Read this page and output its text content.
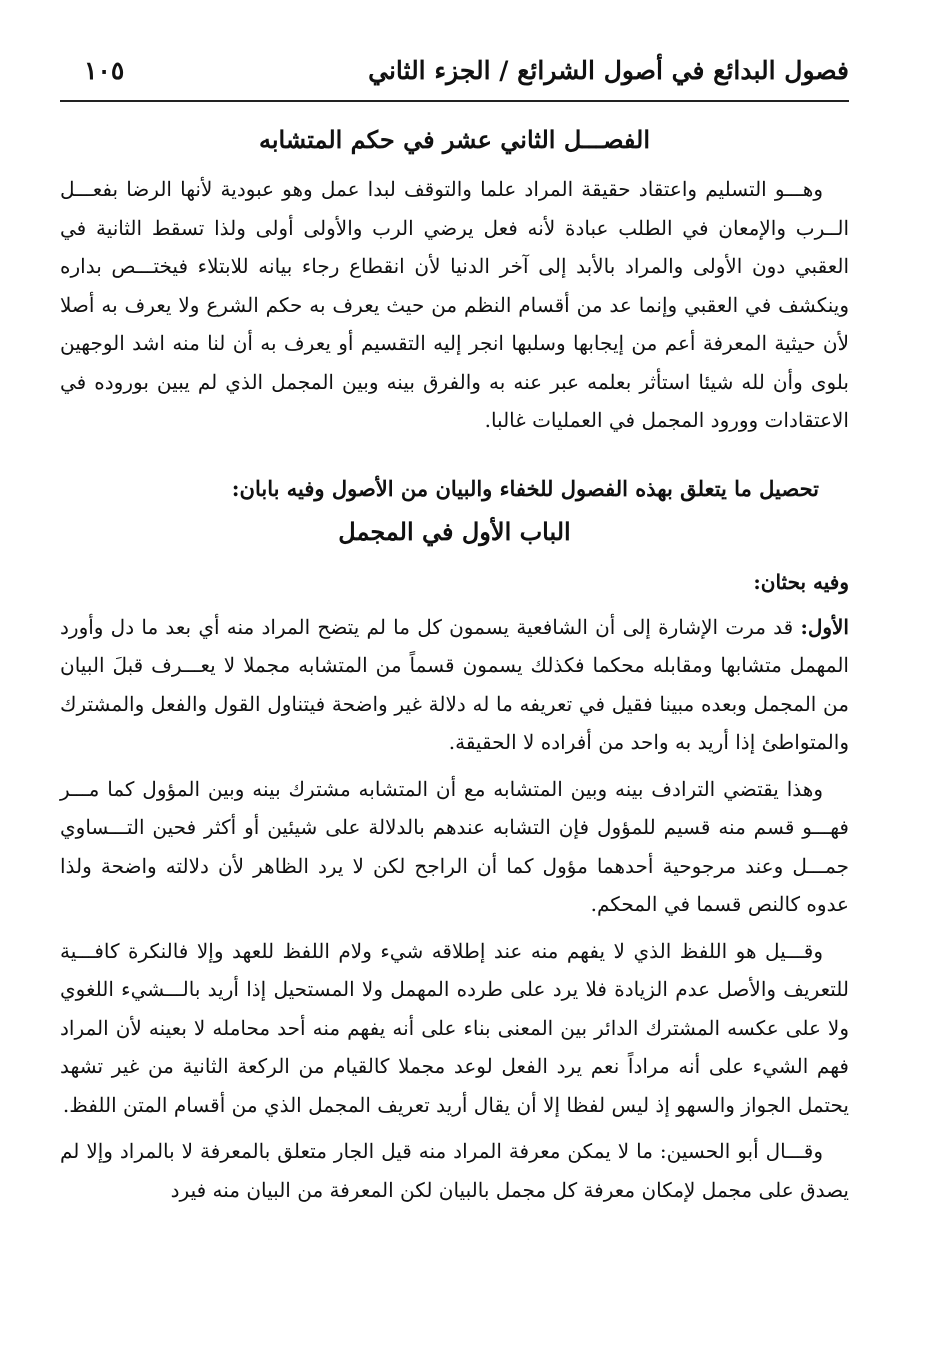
فصول البدائع في أصول الشرائع / الجزء الثاني
١٠٥
الفصـــل الثاني عشر في حكم المتشابه

وهـــو التسليم واعتقاد حقيقة المراد علما والتوقف لبدا عمل وهو عبودية لأنها الرضا بفعـــل الــرب والإمعان في الطلب عبادة لأنه فعل يرضي الرب والأولى أولى ولذا تسقط الثانية في العقبي دون الأولى والمراد بالأبد إلى آخر الدنيا لأن انقطاع رجاء بيانه للابتلاء فيختـــص بداره وينكشف في العقبي وإنما عد من أقسام النظم من حيث يعرف به حكم الشرع ولا يعرف به أصلا لأن حيثية المعرفة أعم من إيجابها وسلبها انجر إليه التقسيم أو يعرف به أن لنا منه اشد الوجهين بلوى وأن لله شيئا استأثر بعلمه عبر عنه به والفرق بينه وبين المجمل الذي لم يبين بوروده في الاعتقادات وورود المجمل في العمليات غالبا.

تحصيل ما يتعلق بهذه الفصول للخفاء والبيان من الأصول وفيه بابان:
الباب الأول في المجمل
وفيه بحثان:

الأول: قد مرت الإشارة إلى أن الشافعية يسمون كل ما لم يتضح المراد منه أي بعد ما دل وأورد المهمل متشابها ومقابله محكما فكذلك يسمون قسماً من المتشابه مجملا لا يعـــرف قبلَ البيان من المجمل وبعده مبينا فقيل في تعريفه ما له دلالة غير واضحة فيتناول القول والفعل والمشترك والمتواطئ إذا أريد به واحد من أفراده لا الحقيقة.

وهذا يقتضي الترادف بينه وبين المتشابه مع أن المتشابه مشترك بينه وبين المؤول كما مـــر فهـــو قسم منه قسيم للمؤول فإن التشابه عندهم بالدلالة على شيئين أو أكثر فحين التـــساوي جمـــل وعند مرجوحية أحدهما مؤول كما أن الراجح لكن لا يرد الظاهر لأن دلالته واضحة ولذا عدوه كالنص قسما في المحكم.

وقـــيل هو اللفظ الذي لا يفهم منه عند إطلاقه شيء ولام اللفظ للعهد وإلا فالنكرة كافـــية للتعريف والأصل عدم الزيادة فلا يرد على طرده المهمل ولا المستحيل إذا أريد بالـــشيء اللغوي ولا على عكسه المشترك الدائر بين المعنى بناء على أنه يفهم منه أحد محامله لا بعينه لأن المراد فهم الشيء على أنه مراداً نعم يرد الفعل لوعد مجملا كالقيام من الركعة الثانية من غير تشهد يحتمل الجواز والسهو إذ ليس لفظا إلا أن يقال أريد تعريف المجمل الذي من أقسام المتن اللفظ.

وقـــال أبو الحسين: ما لا يمكن معرفة المراد منه قيل الجار متعلق بالمعرفة لا بالمراد وإلا لم يصدق على مجمل لإمكان معرفة كل مجمل بالبيان لكن المعرفة من البيان منه فيرد
